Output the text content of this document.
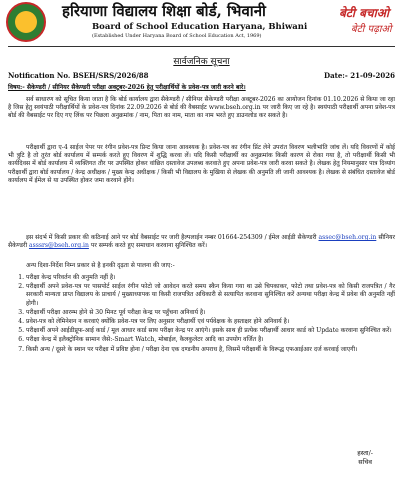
हरियाणा विद्यालय शिक्षा बोर्ड, भिवानी
Board of School Education Haryana, Bhiwani
(Established Under Haryana Board of School Education Act, 1969)
बेटी बचाओ
बेटी पढ़ाओ
सार्वजनिक सूचना
Notification No. BSEH/SRS/2026/88	Date:- 21-09-2026
विषय:- सैकेण्डरी / सीनियर सैकेण्डरी परीक्षा अक्टूबर-2026 हेतु परीक्षार्थियों के प्रवेश-पत्र जारी करने बारे।
सर्व साधारण को सूचित किया जाता है कि बोर्ड कार्यालय द्वारा सैकेण्डरी / सीनियर सैकेण्डरी परीक्षा अक्टूबर-2026 का आयोजन दिनांक 01.10.2026 से किया जा रहा है जिस हेतु स्वयंपाठी परीक्षार्थियों के प्रवेश-पत्र दिनांक 22.09.2026 से बोर्ड की वैबसाईट www.bseh.org.in पर जारी किए जा रहे है। स्वयंपाठी परीक्षार्थी अपना प्रवेश-पत्र बोर्ड की वैबसाईट पर दिए गए लिंक पर पिछला अनुक्रमांक / नाम, पिता का नाम, माता का नाम भरते हुए डाउनलोड कर सकते है।
परीक्षार्थी द्वारा ए-4 साईज पेपर पर रंगीन प्रवेश-पत्र प्रिन्ट किया जाना आवश्यक है। प्रवेश-पत्र का रंगीन प्रिंट लेने उपरांत विवरण भलीभांति जांच लें। यदि विवरणों में कोई भी त्रुटि है तो तुरंत बोर्ड कार्यालय में सम्पर्क करते हुए विवरण में शुद्धि करवा लें। यदि किसी परीक्षार्थी का अनुक्रमांक किसी कारण से रोका गया है, तो परीक्षार्थी किसी भी कार्यदिवस में बोर्ड कार्यालय में व्यक्तिगत तौर पर उपस्थित होकर वांछित दस्तावेज उपलब्ध करवाते हुए अपना प्रवेश-पत्र जारी करवा सकते है। लेखक हेतु नियमानुसार पात्र दिव्यांग परीक्षार्थी द्वारा बोर्ड कार्यालय / केन्द्र अधीक्षक / मुख्य केन्द्र अधीक्षक / किसी भी विद्यालय के मुखिया से लेखक की अनुमति ली जानी आवश्यक है। लेखक से संबंधित दस्तावेज बोर्ड कार्यालय में ईमेल से या उपस्थित होकर जमा करवाने होंगे।
इस संदर्भ में किसी प्रकार की कठिनाई आने पर बोर्ड वैबसाईट पर जारी हैल्पलाईन नम्बर 01664-254309 / ईमेल आईडी सैकेण्डरी assec@bseh.org.in सीनियर सैकेण्डरी asssrs@bseh.org.in पर सम्पर्क करते हुए समाधान करवाना सुनिश्चित करें।
अन्य दिशा-निर्देश निम्न प्रकार से है इनकी दृढ़ता से पालना की जाए:-
1. परीक्षा केन्द्र परिवर्तन की अनुमति नहीं है।
2. परीक्षार्थी अपने प्रवेश-पत्र पर पासपोर्ट साईज रंगीन फोटो जो आवेदन करते समय स्कैन किया गया था उसे चिपकाकर, फोटो तथा प्रवेश-पत्र को किसी राजपत्रित / गैर सरकारी मान्यता प्राप्त विद्यालय के प्राचार्य / मुख्याध्यापक या किसी राजपत्रित अधिकारी से सत्यापित करवाना सुनिश्चित करें अन्यथा परीक्षा केन्द्र में प्रवेश की अनुमति नहीं होगी।
3. परीक्षार्थी परीक्षा आरम्भ होने से 30 मिनट पूर्व परीक्षा केन्द्र पर पहुँचना अनिवार्य है।
4. प्रवेश-पत्र को लेमिनेशन न करवाएं क्योंकि प्रवेश-पत्र पर लिए अनुसार परीक्षार्थी एवं पर्यवेक्षक के हस्ताक्षर होने अनिवार्य है।
5. परीक्षार्थी अपने आईडीप्रूफ-आई कार्ड / मूल आधार कार्ड साथ परीक्षा केन्द्र पर आएंगे। इसके साथ ही प्रत्येक परीक्षार्थी आधार कार्ड को Update करवाना सुनिश्चित करें।
6. परीक्षा केन्द्र में इलैक्ट्रोनिक सामान जैसे:-Smart Watch, मोबाईल, कैलकुलेटर आदि का उपयोग वर्जित है।
7. किसी अन्य / दूसरे के स्थान पर परीक्षा में प्रविष्ट होना / परीक्षा देना एक दण्डनीय अपराध है, जिसमें परीक्षार्थी के विरूद्ध एफआईआर दर्ज करवाई जाएगी।
हस्ता/-
सचिव
